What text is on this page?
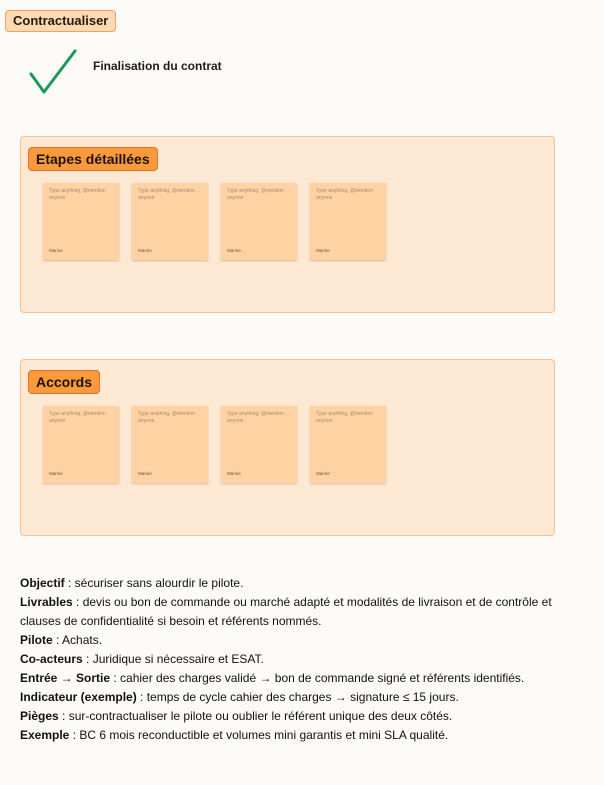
Contractualiser
Finalisation du contrat
Etapes détaillées
Type anything, @mention anyone
Marine
Type anything, @mention anyone
Marine
Type anything, @mention anyone
Marine
Type anything, @mention anyone
Marine
Accords
Type anything, @mention anyone
Marine
Type anything, @mention anyone
Marine
Type anything, @mention anyone
Marine
Type anything, @mention anyone
Marine

Objectif : sécuriser sans alourdir le pilote.

Livrables : devis ou bon de commande ou marché adapté et modalités de livraison et de contrôle et clauses de confidentialité si besoin et référents nommés.

Pilote : Achats.

Co-acteurs : Juridique si nécessaire et ESAT.

Entrée → Sortie : cahier des charges validé → bon de commande signé et référents identifiés.

Indicateur (exemple) : temps de cycle cahier des charges → signature ≤ 15 jours.

Pièges : sur-contractualiser le pilote ou oublier le référent unique des deux côtés.

Exemple : BC 6 mois reconductible et volumes mini garantis et mini SLA qualité.
